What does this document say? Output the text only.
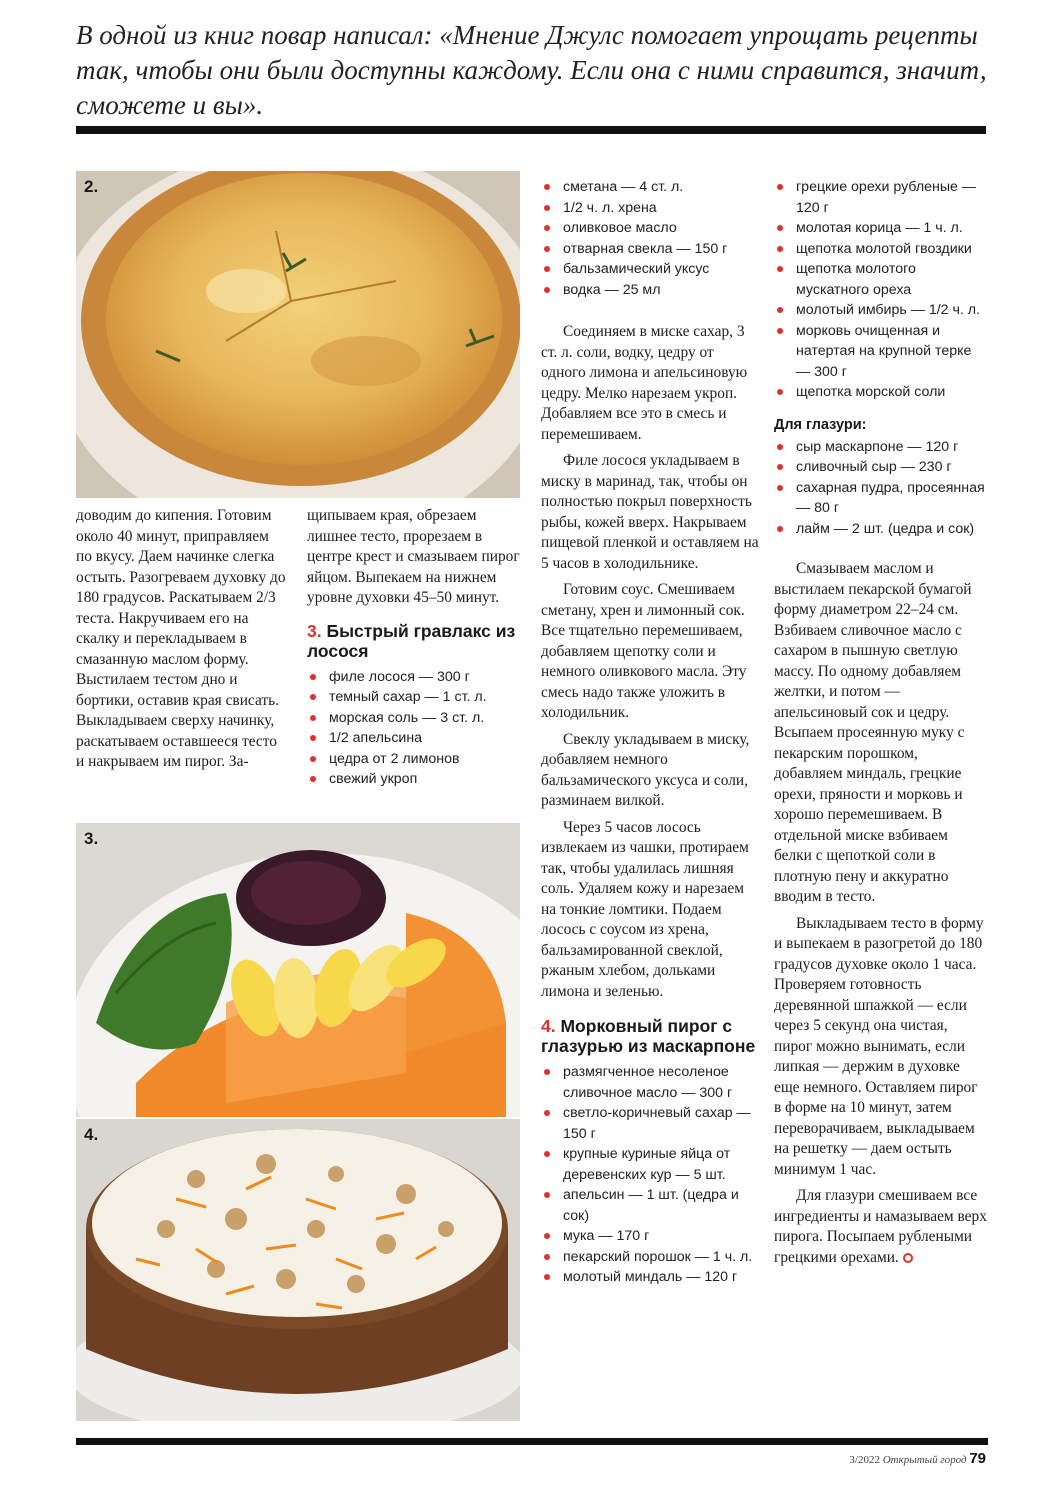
В одной из книг повар написал: «Мнение Джулс помогает упрощать рецепты так, чтобы они были доступны каждому. Если она с ними справится, значит, сможете и вы».
2.

доводим до кипения. Готовим около 40 минут, приправляем по вкусу. Даем начинке слегка остыть. Разогреваем духовку до 180 градусов. Раскатываем 2/3 теста. Накручиваем его на скалку и перекладываем в смазанную маслом форму. Выстилаем тестом дно и бортики, оставив края свисать. Выкладываем сверху начинку, раскатываем оставшееся тесто и накрываем им пирог. За-

щипываем края, обрезаем лишнее тесто, прорезаем в центре крест и смазываем пирог яйцом. Выпекаем на нижнем уровне духовки 45–50 минут.

3. Быстрый гравлакс из лосося
филе лосося — 300 г
темный сахар — 1 ст. л.
морская соль — 3 ст. л.
1/2 апельсина
цедра от 2 лимонов
свежий укроп
3.
4.
сметана — 4 ст. л.
1/2 ч. л. хрена
оливковое масло
отварная свекла — 150 г
бальзамический уксус
водка — 25 мл

Соединяем в миске сахар, 3 ст. л. соли, водку, цедру от одного лимона и апельсиновую цедру. Мелко нарезаем укроп. Добавляем все это в смесь и перемешиваем.

Филе лосося укладываем в миску в маринад, так, чтобы он полностью покрыл поверхность рыбы, кожей вверх. Накрываем пищевой пленкой и оставляем на 5 часов в холодильнике.

Готовим соус. Смешиваем сметану, хрен и лимонный сок. Все тщательно перемешиваем, добавляем щепотку соли и немного оливкового масла. Эту смесь надо также уложить в холодильник.

Свеклу укладываем в миску, добавляем немного бальзамического уксуса и соли, разминаем вилкой.

Через 5 часов лосось извлекаем из чашки, протираем так, чтобы удалилась лишняя соль. Удаляем кожу и нарезаем на тонкие ломтики. Подаем лосось с соусом из хрена, бальзамированной свеклой, ржаным хлебом, дольками лимона и зеленью.

4. Морковный пирог с глазурью из маскарпоне
размягченное несоленое сливочное масло — 300 г
светло-коричневый сахар — 150 г
крупные куриные яйца от деревенских кур — 5 шт.
апельсин — 1 шт. (цедра и сок)
мука — 170 г
пекарский порошок — 1 ч. л.
молотый миндаль — 120 г
грецкие орехи рубленые — 120 г
молотая корица — 1 ч. л.
щепотка молотой гвоздики
щепотка молотого мускатного ореха
молотый имбирь — 1/2 ч. л.
морковь очищенная и натертая на крупной терке — 300 г
щепотка морской соли
Для глазури:
сыр маскарпоне — 120 г
сливочный сыр — 230 г
сахарная пудра, просеянная — 80 г
лайм — 2 шт. (цедра и сок)

Смазываем маслом и выстилаем пекарской бумагой форму диаметром 22–24 см. Взбиваем сливочное масло с сахаром в пышную светлую массу. По одному добавляем желтки, и потом — апельсиновый сок и цедру. Всыпаем просеянную муку с пекарским порошком, добавляем миндаль, грецкие орехи, пряности и морковь и хорошо перемешиваем. В отдельной миске взбиваем белки с щепоткой соли в плотную пену и аккуратно вводим в тесто.

Выкладываем тесто в форму и выпекаем в разогретой до 180 градусов духовке около 1 часа. Проверяем готовность деревянной шпажкой — если через 5 секунд она чистая, пирог можно вынимать, если липкая — держим в духовке еще немного. Оставляем пирог в форме на 10 минут, затем переворачиваем, выкладываем на решетку — даем остыть минимум 1 час.

Для глазури смешиваем все ингредиенты и намазываем верх пирога. Посыпаем рублеными грецкими орехами.

3/2022 Открытый город 79
